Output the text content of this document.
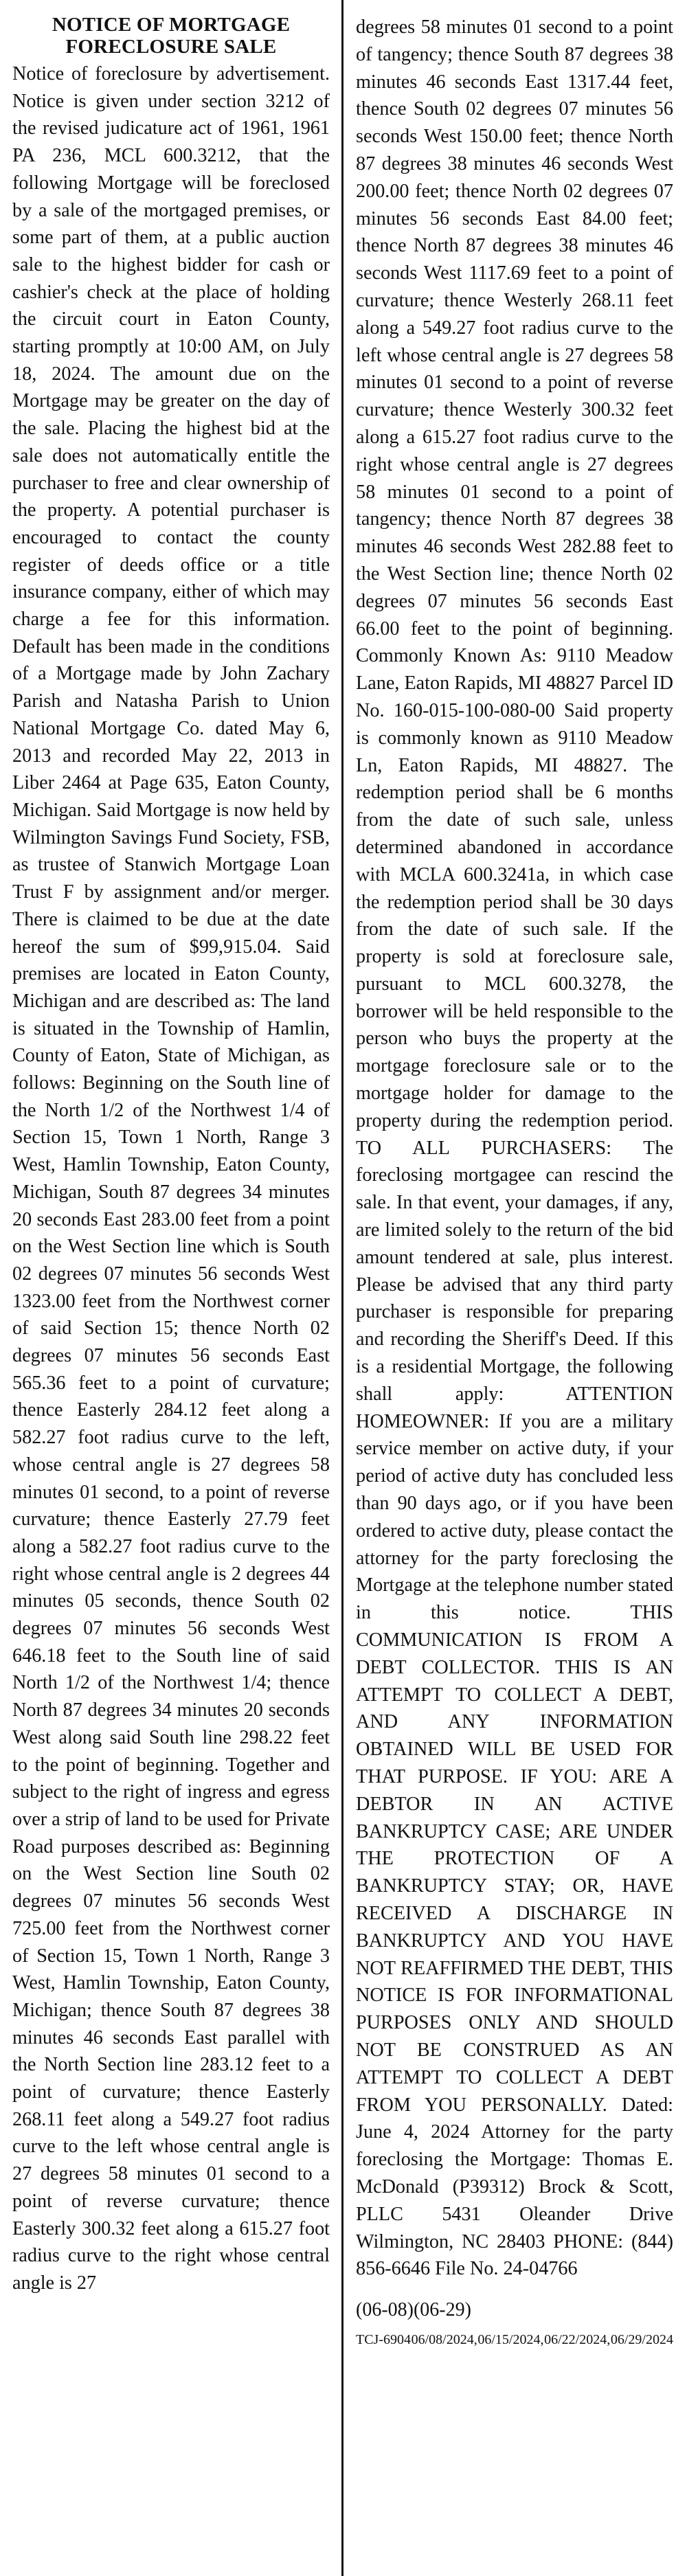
NOTICE OF MORTGAGE
FORECLOSURE SALE

Notice of foreclosure by advertisement. Notice is given under section 3212 of the revised judicature act of 1961, 1961 PA 236, MCL 600.3212, that the following Mortgage will be foreclosed by a sale of the mortgaged premises, or some part of them, at a public auction sale to the highest bidder for cash or cashier's check at the place of holding the circuit court in Eaton County, starting promptly at 10:00 AM, on July 18, 2024. The amount due on the Mortgage may be greater on the day of the sale. Placing the highest bid at the sale does not automatically entitle the purchaser to free and clear ownership of the property. A potential purchaser is encouraged to contact the county register of deeds office or a title insurance company, either of which may charge a fee for this information. Default has been made in the conditions of a Mortgage made by John Zachary Parish and Natasha Parish to Union National Mortgage Co. dated May 6, 2013 and recorded May 22, 2013 in Liber 2464 at Page 635, Eaton County, Michigan. Said Mortgage is now held by Wilmington Savings Fund Society, FSB, as trustee of Stanwich Mortgage Loan Trust F by assignment and/or merger. There is claimed to be due at the date hereof the sum of $99,915.04. Said premises are located in Eaton County, Michigan and are described as: The land is situated in the Township of Hamlin, County of Eaton, State of Michigan, as follows: Beginning on the South line of the North 1/2 of the Northwest 1/4 of Section 15, Town 1 North, Range 3 West, Hamlin Township, Eaton County, Michigan, South 87 degrees 34 minutes 20 seconds East 283.00 feet from a point on the West Section line which is South 02 degrees 07 minutes 56 seconds West 1323.00 feet from the Northwest corner of said Section 15; thence North 02 degrees 07 minutes 56 seconds East 565.36 feet to a point of curvature; thence Easterly 284.12 feet along a 582.27 foot radius curve to the left, whose central angle is 27 degrees 58 minutes 01 second, to a point of reverse curvature; thence Easterly 27.79 feet along a 582.27 foot radius curve to the right whose central angle is 2 degrees 44 minutes 05 seconds, thence South 02 degrees 07 minutes 56 seconds West 646.18 feet to the South line of said North 1/2 of the Northwest 1/4; thence North 87 degrees 34 minutes 20 seconds West along said South line 298.22 feet to the point of beginning. Together and subject to the right of ingress and egress over a strip of land to be used for Private Road purposes described as: Beginning on the West Section line South 02 degrees 07 minutes 56 seconds West 725.00 feet from the Northwest corner of Section 15, Town 1 North, Range 3 West, Hamlin Township, Eaton County, Michigan; thence South 87 degrees 38 minutes 46 seconds East parallel with the North Section line 283.12 feet to a point of curvature; thence Easterly 268.11 feet along a 549.27 foot radius curve to the left whose central angle is 27 degrees 58 minutes 01 second to a point of reverse curvature; thence Easterly 300.32 feet along a 615.27 foot radius curve to the right whose central angle is 27

degrees 58 minutes 01 second to a point of tangency; thence South 87 degrees 38 minutes 46 seconds East 1317.44 feet, thence South 02 degrees 07 minutes 56 seconds West 150.00 feet; thence North 87 degrees 38 minutes 46 seconds West 200.00 feet; thence North 02 degrees 07 minutes 56 seconds East 84.00 feet; thence North 87 degrees 38 minutes 46 seconds West 1117.69 feet to a point of curvature; thence Westerly 268.11 feet along a 549.27 foot radius curve to the left whose central angle is 27 degrees 58 minutes 01 second to a point of reverse curvature; thence Westerly 300.32 feet along a 615.27 foot radius curve to the right whose central angle is 27 degrees 58 minutes 01 second to a point of tangency; thence North 87 degrees 38 minutes 46 seconds West 282.88 feet to the West Section line; thence North 02 degrees 07 minutes 56 seconds East 66.00 feet to the point of beginning. Commonly Known As: 9110 Meadow Lane, Eaton Rapids, MI 48827 Parcel ID No. 160-015-100-080-00 Said property is commonly known as 9110 Meadow Ln, Eaton Rapids, MI 48827. The redemption period shall be 6 months from the date of such sale, unless determined abandoned in accordance with MCLA 600.3241a, in which case the redemption period shall be 30 days from the date of such sale. If the property is sold at foreclosure sale, pursuant to MCL 600.3278, the borrower will be held responsible to the person who buys the property at the mortgage foreclosure sale or to the mortgage holder for damage to the property during the redemption period. TO ALL PURCHASERS: The foreclosing mortgagee can rescind the sale. In that event, your damages, if any, are limited solely to the return of the bid amount tendered at sale, plus interest. Please be advised that any third party purchaser is responsible for preparing and recording the Sheriff's Deed. If this is a residential Mortgage, the following shall apply: ATTENTION HOMEOWNER: If you are a military service member on active duty, if your period of active duty has concluded less than 90 days ago, or if you have been ordered to active duty, please contact the attorney for the party foreclosing the Mortgage at the telephone number stated in this notice. THIS COMMUNICATION IS FROM A DEBT COLLECTOR. THIS IS AN ATTEMPT TO COLLECT A DEBT, AND ANY INFORMATION OBTAINED WILL BE USED FOR THAT PURPOSE. IF YOU: ARE A DEBTOR IN AN ACTIVE BANKRUPTCY CASE; ARE UNDER THE PROTECTION OF A BANKRUPTCY STAY; OR, HAVE RECEIVED A DISCHARGE IN BANKRUPTCY AND YOU HAVE NOT REAFFIRMED THE DEBT, THIS NOTICE IS FOR INFORMATIONAL PURPOSES ONLY AND SHOULD NOT BE CONSTRUED AS AN ATTEMPT TO COLLECT A DEBT FROM YOU PERSONALLY. Dated: June 4, 2024 Attorney for the party foreclosing the Mortgage: Thomas E. McDonald (P39312) Brock & Scott, PLLC 5431 Oleander Drive Wilmington, NC 28403 PHONE: (844) 856-6646 File No. 24-04766

(06-08)(06-29)
TCJ-6904 06/08/2024, 06/15/2024, 06/22/2024, 06/29/2024
